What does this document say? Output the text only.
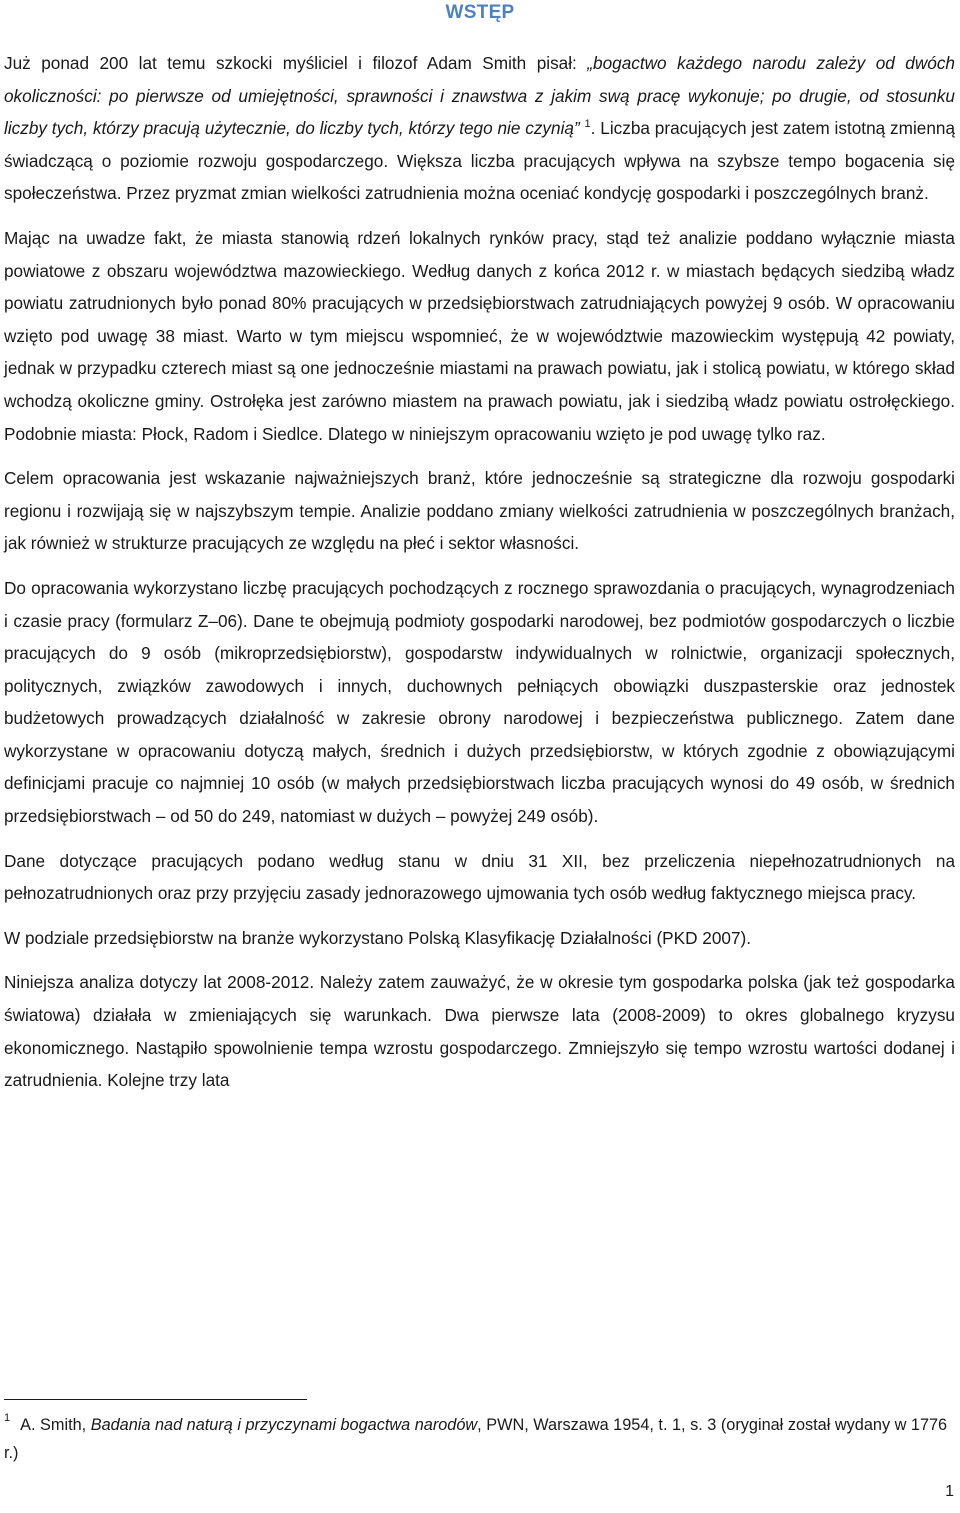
WSTĘP

Już ponad 200 lat temu szkocki myśliciel i filozof Adam Smith pisał: „bogactwo każdego narodu zależy od dwóch okoliczności: po pierwsze od umiejętności, sprawności i znawstwa z jakim swą pracę wykonuje; po drugie, od stosunku liczby tych, którzy pracują użytecznie, do liczby tych, którzy tego nie czynią” $^1$. Liczba pracujących jest zatem istotną zmienną świadczącą o poziomie rozwoju gospodarczego. Większa liczba pracujących wpływa na szybsze tempo bogacenia się społeczeństwa. Przez pryzmat zmian wielkości zatrudnienia można oceniać kondycję gospodarki i poszczególnych branż.

Mając na uwadze fakt, że miasta stanowią rdzeń lokalnych rynków pracy, stąd też analizie poddano wyłącznie miasta powiatowe z obszaru województwa mazowieckiego. Według danych z końca 2012 r. w miastach będących siedzibą władz powiatu zatrudnionych było ponad 80% pracujących w przedsiębiorstwach zatrudniających powyżej 9 osób. W opracowaniu wzięto pod uwagę 38 miast. Warto w tym miejscu wspomnieć, że w województwie mazowieckim występują 42 powiaty, jednak w przypadku czterech miast są one jednocześnie miastami na prawach powiatu, jak i stolicą powiatu, w którego skład wchodzą okoliczne gminy. Ostrołęka jest zarówno miastem na prawach powiatu, jak i siedzibą władz powiatu ostrołęckiego. Podobnie miasta: Płock, Radom i Siedlce. Dlatego w niniejszym opracowaniu wzięto je pod uwagę tylko raz.

Celem opracowania jest wskazanie najważniejszych branż, które jednocześnie są strategiczne dla rozwoju gospodarki regionu i rozwijają się w najszybszym tempie. Analizie poddano zmiany wielkości zatrudnienia w poszczególnych branżach, jak również w strukturze pracujących ze względu na płeć i sektor własności.

Do opracowania wykorzystano liczbę pracujących pochodzących z rocznego sprawozdania o pracujących, wynagrodzeniach i czasie pracy (formularz Z–06). Dane te obejmują podmioty gospodarki narodowej, bez podmiotów gospodarczych o liczbie pracujących do 9 osób (mikroprzedsiębiorstw), gospodarstw indywidualnych w rolnictwie, organizacji społecznych, politycznych, związków zawodowych i innych, duchownych pełniących obowiązki duszpasterskie oraz jednostek budżetowych prowadzących działalność w zakresie obrony narodowej i bezpieczeństwa publicznego. Zatem dane wykorzystane w opracowaniu dotyczą małych, średnich i dużych przedsiębiorstw, w których zgodnie z obowiązującymi definicjami pracuje co najmniej 10 osób (w małych przedsiębiorstwach liczba pracujących wynosi do 49 osób, w średnich przedsiębiorstwach – od 50 do 249, natomiast w dużych – powyżej 249 osób).

Dane dotyczące pracujących podano według stanu w dniu 31 XII, bez przeliczenia niepełnozatrudnionych na pełnozatrudnionych oraz przy przyjęciu zasady jednorazowego ujmowania tych osób według faktycznego miejsca pracy.

W podziale przedsiębiorstw na branże wykorzystano Polską Klasyfikację Działalności (PKD 2007).

Niniejsza analiza dotyczy lat 2008-2012. Należy zatem zauważyć, że w okresie tym gospodarka polska (jak też gospodarka światowa) działała w zmieniających się warunkach. Dwa pierwsze lata (2008-2009) to okres globalnego kryzysu ekonomicznego. Nastąpiło spowolnienie tempa wzrostu gospodarczego. Zmniejszyło się tempo wzrostu wartości dodanej i zatrudnienia. Kolejne trzy lata

$^1$ A. Smith, Badania nad naturą i przyczynami bogactwa narodów, PWN, Warszawa 1954, t. 1, s. 3 (oryginał został wydany w 1776 r.)

1
